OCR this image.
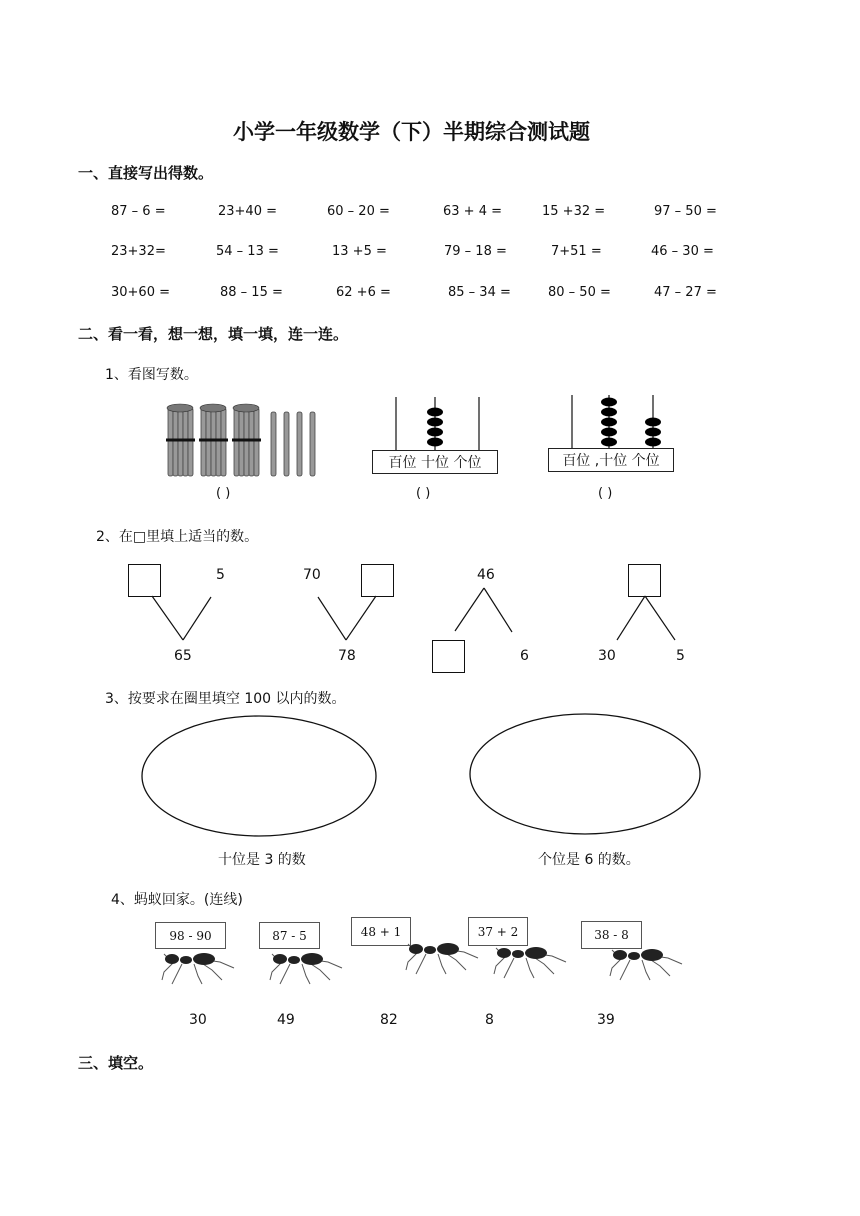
小学一年级数学（下）半期综合测试题
一、直接写出得数。
87 – 6 =	23+40 =	60 – 20 =	63 + 4 =	15 +32 =	97 – 50 =
23+32=	54 – 13 =	13 +5 =	79 – 18 =	7+51 =	46 – 30 =
30+60 =	88 – 15 =	62 +6 =	85 – 34 =	80 – 50 =	47 – 27 =
二、看一看，想一想，填一填，连一连。
1、看图写数。
( )
百位 十位 个位
( )
百位 ,十位 个位
( )
2、在□里填上适当的数。
5
65
70
78
46
6	30	5
3、按要求在圈里填空 100 以内的数。
十位是 3 的数	个位是 6 的数。
4、蚂蚁回家。(连线)
98 - 90	87 - 5	48 + 1	37 + 2	38 - 8
30	49	82	8	39
三、填空。
